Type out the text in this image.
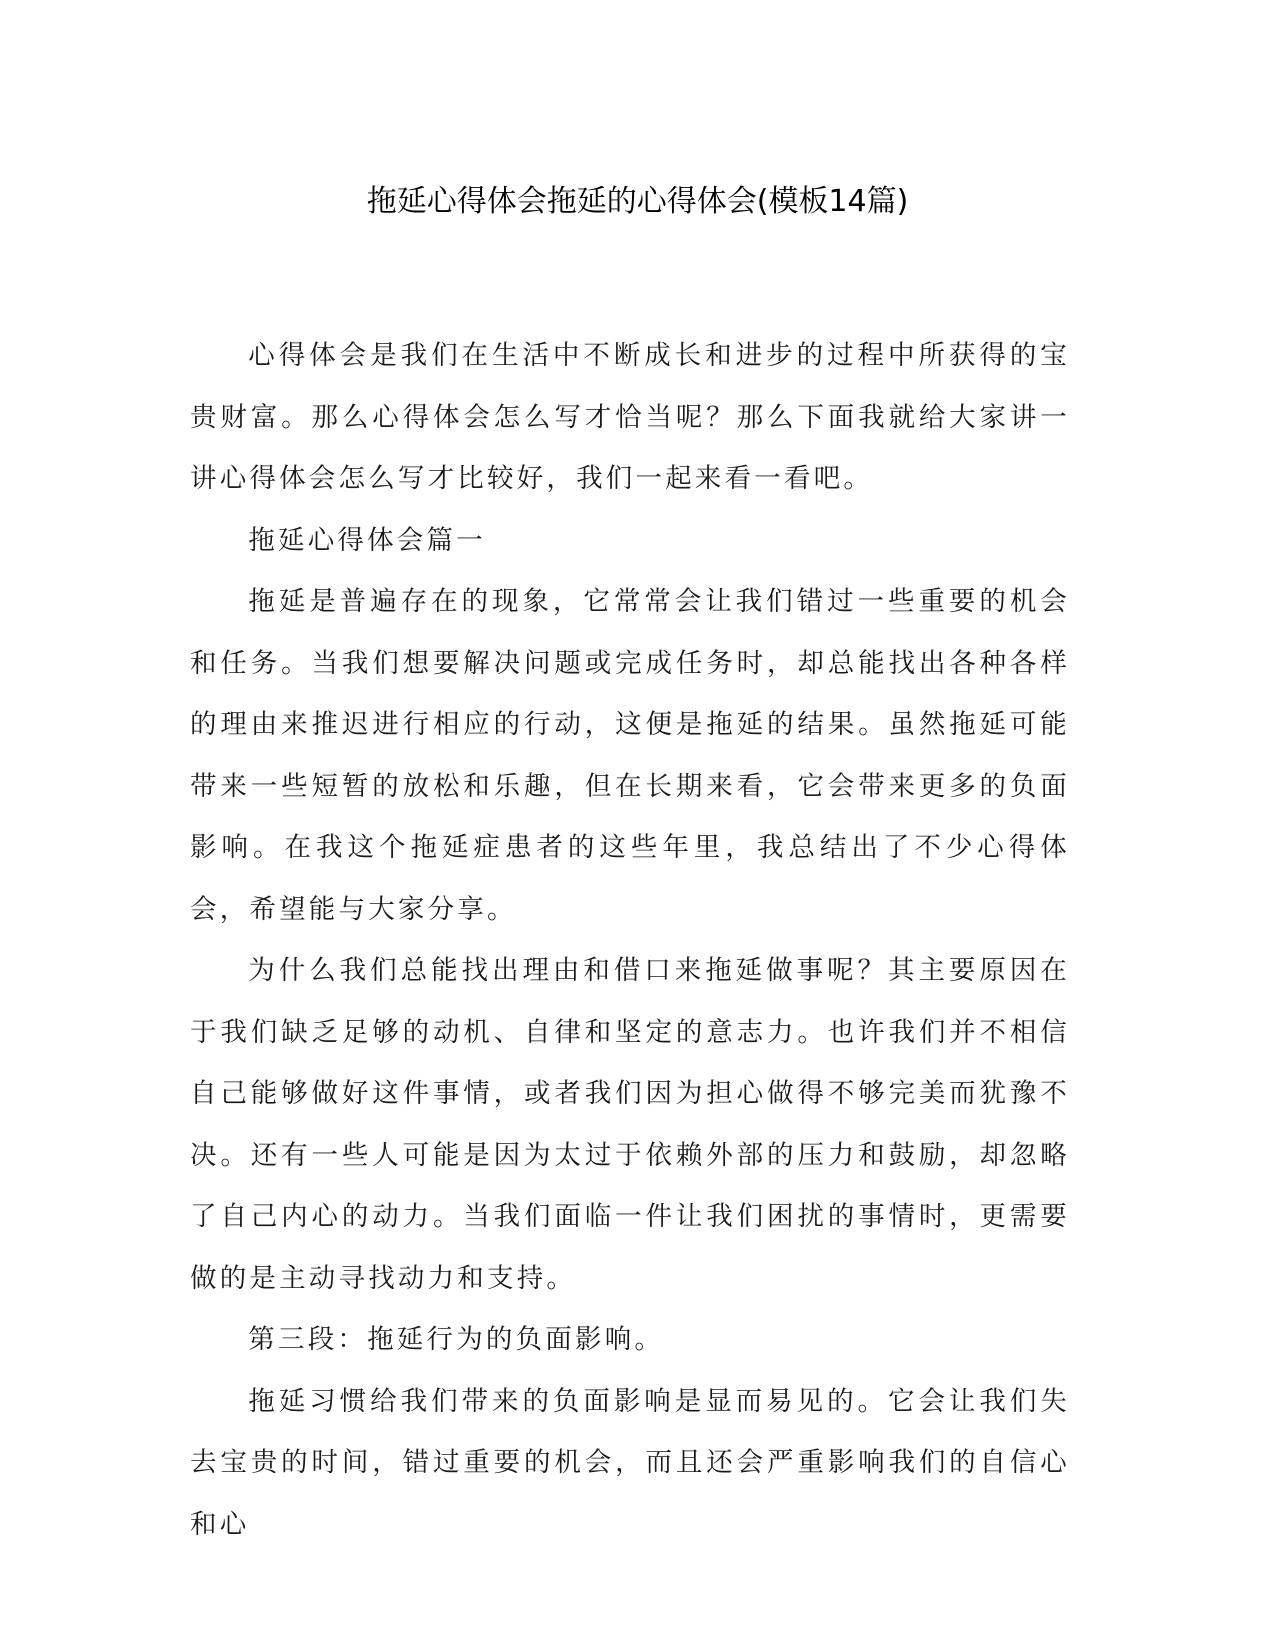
拖延心得体会拖延的心得体会(模板14篇)

心得体会是我们在生活中不断成长和进步的过程中所获得的宝贵财富。那么心得体会怎么写才恰当呢？那么下面我就给大家讲一讲心得体会怎么写才比较好，我们一起来看一看吧。

拖延心得体会篇一

拖延是普遍存在的现象，它常常会让我们错过一些重要的机会和任务。当我们想要解决问题或完成任务时，却总能找出各种各样的理由来推迟进行相应的行动，这便是拖延的结果。虽然拖延可能带来一些短暂的放松和乐趣，但在长期来看，它会带来更多的负面影响。在我这个拖延症患者的这些年里，我总结出了不少心得体会，希望能与大家分享。

为什么我们总能找出理由和借口来拖延做事呢？其主要原因在于我们缺乏足够的动机、自律和坚定的意志力。也许我们并不相信自己能够做好这件事情，或者我们因为担心做得不够完美而犹豫不决。还有一些人可能是因为太过于依赖外部的压力和鼓励，却忽略了自己内心的动力。当我们面临一件让我们困扰的事情时，更需要做的是主动寻找动力和支持。

第三段：拖延行为的负面影响。

拖延习惯给我们带来的负面影响是显而易见的。它会让我们失去宝贵的时间，错过重要的机会，而且还会严重影响我们的自信心和心
